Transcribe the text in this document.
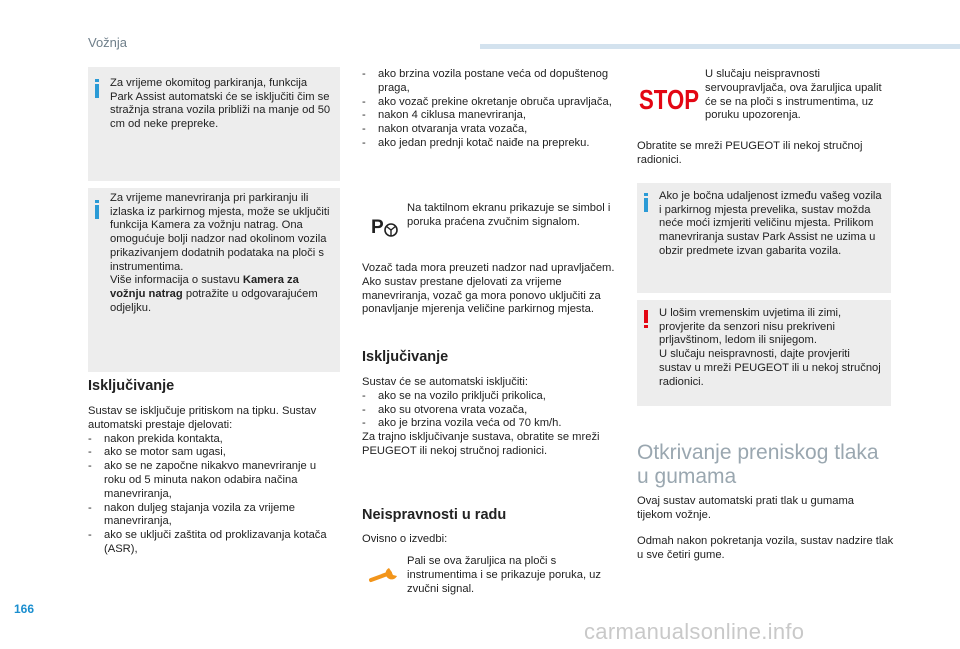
Vožnja
Za vrijeme okomitog parkiranja, funkcija Park Assist automatski će se isključiti čim se stražnja strana vozila približi na manje od 50 cm od neke prepreke.

Za vrijeme manevriranja pri parkiranju ili izlaska iz parkirnog mjesta, može se uključiti funkcija Kamera za vožnju natrag. Ona omogućuje bolji nadzor nad okolinom vozila prikazivanjem dodatnih podataka na ploči s instrumentima.

Više informacija o sustavu Kamera za vožnju natrag potražite u odgovarajućem odjeljku.

Isključivanje

Sustav se isključuje pritiskom na tipku. Sustav automatski prestaje djelovati:

- nakon prekida kontakta,
- ako se motor sam ugasi,
- ako se ne započne nikakvo manevriranje u roku od 5 minuta nakon odabira načina manevriranja,
- nakon duljeg stajanja vozila za vrijeme manevriranja,
- ako se uključi zaštita od proklizavanja kotača (ASR),
- ako brzina vozila postane veća od dopuštenog praga,
- ako vozač prekine okretanje obruča upravljača,
- nakon 4 ciklusa manevriranja,
- nakon otvaranja vrata vozača,
- ako jedan prednji kotač naiđe na prepreku.
P
Na taktilnom ekranu prikazuje se simbol i poruka praćena zvučnim signalom.
Vozač tada mora preuzeti nadzor nad upravljačem.
Ako sustav prestane djelovati za vrijeme manevriranja, vozač ga mora ponovo uključiti za ponavljanje mjerenja veličine parkirnog mjesta.
Isključivanje

Sustav će se automatski isključiti:

- ako se na vozilo priključi prikolica,
- ako su otvorena vrata vozača,
- ako je brzina vozila veća od 70 km/h.

Za trajno isključivanje sustava, obratite se mreži PEUGEOT ili nekoj stručnoj radionici.

Neispravnosti u radu
Ovisno o izvedbi:
Pali se ova žaruljica na ploči s instrumentima i se prikazuje poruka, uz zvučni signal.
STOP
U slučaju neispravnosti servoupravljača, ova žaruljica upalit će se na ploči s instrumentima, uz poruku upozorenja.
Obratite se mreži PEUGEOT ili nekoj stručnoj radionici.
Ako je bočna udaljenost između vašeg vozila i parkirnog mjesta prevelika, sustav možda neće moći izmjeriti veličinu mjesta. Prilikom manevriranja sustav Park Assist ne uzima u obzir predmete izvan gabarita vozila.
U lošim vremenskim uvjetima ili zimi, provjerite da senzori nisu prekriveni prljavštinom, ledom ili snijegom.
U slučaju neispravnosti, dajte provjeriti sustav u mreži PEUGEOT ili u nekoj stručnoj radionici.
Otkrivanje preniskog tlaka
u gumama
Ovaj sustav automatski prati tlak u gumama tijekom vožnje.
Odmah nakon pokretanja vozila, sustav nadzire tlak u sve četiri gume.
166
carmanualsonline.info
